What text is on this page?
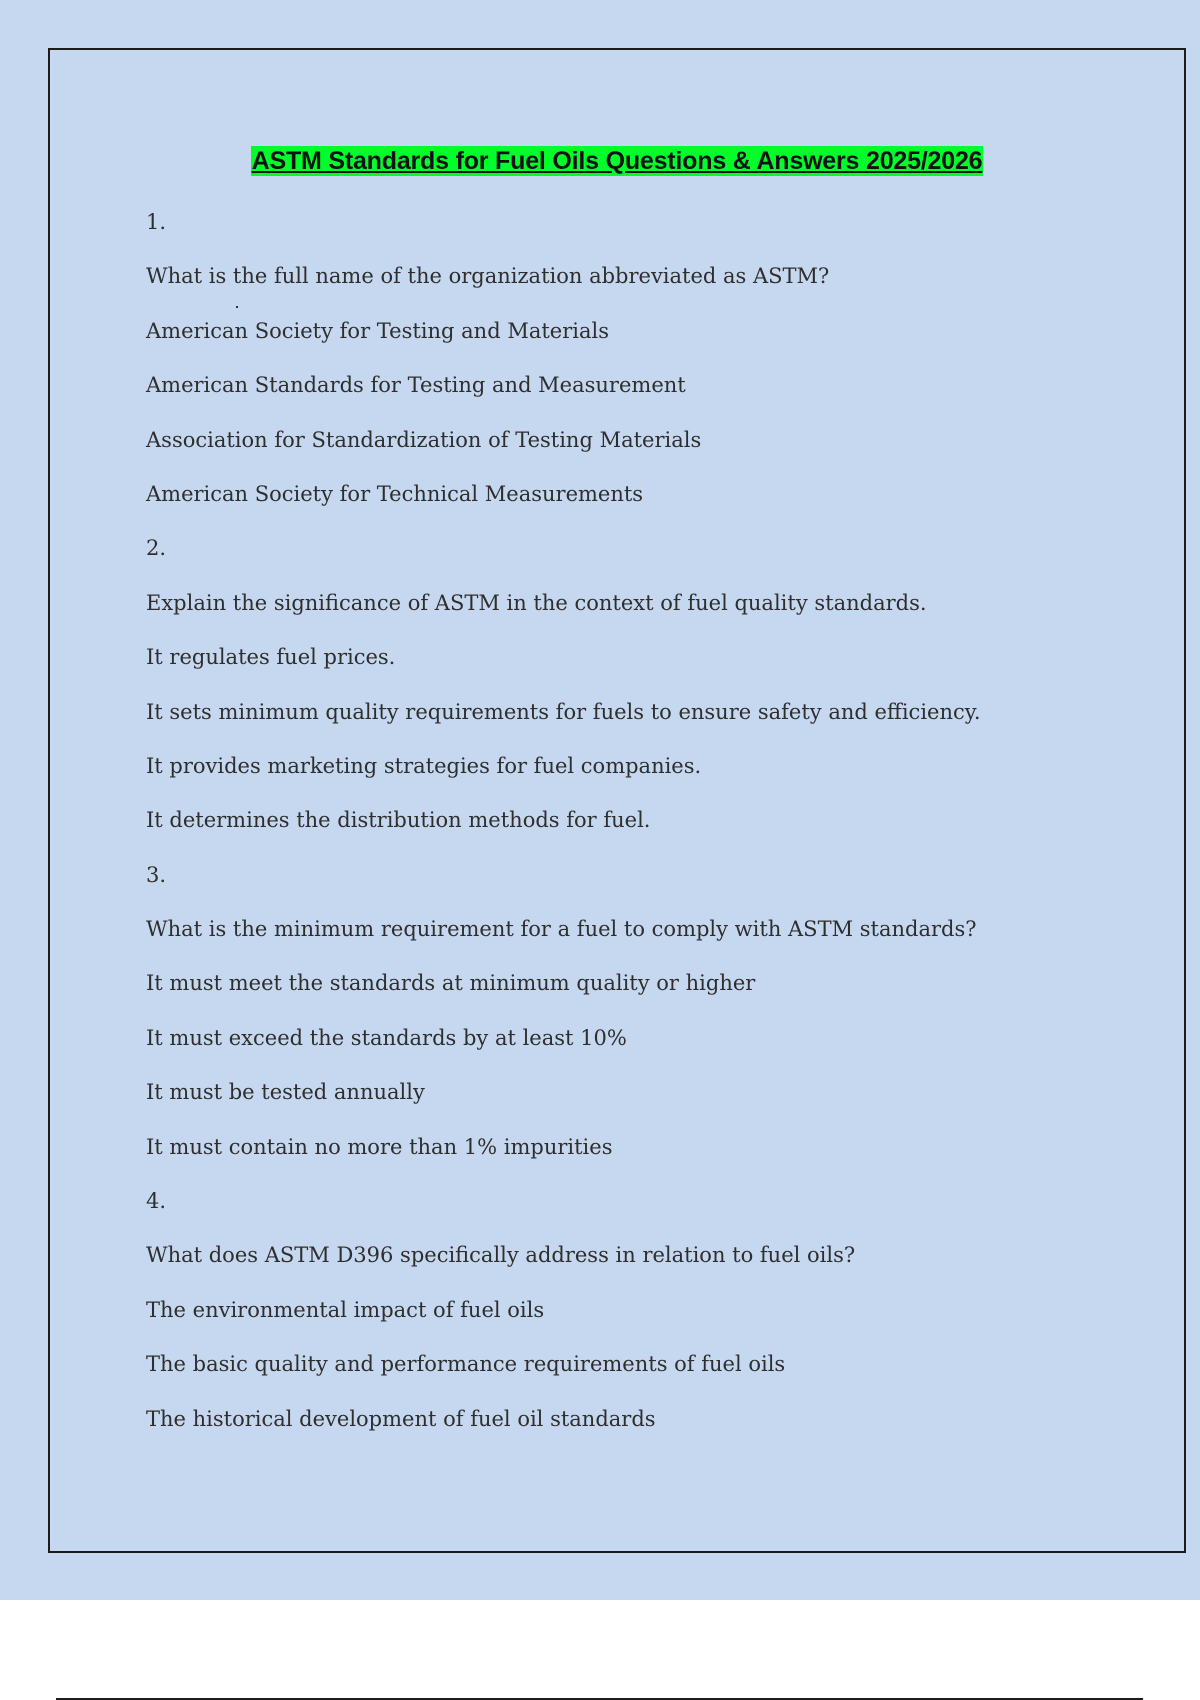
ASTM Standards for Fuel Oils Questions & Answers 2025/2026
1.
What is the full name of the organization abbreviated as ASTM?
American Society for Testing and Materials
American Standards for Testing and Measurement
Association for Standardization of Testing Materials
American Society for Technical Measurements
2.
Explain the significance of ASTM in the context of fuel quality standards.
It regulates fuel prices.
It sets minimum quality requirements for fuels to ensure safety and efficiency.
It provides marketing strategies for fuel companies.
It determines the distribution methods for fuel.
3.
What is the minimum requirement for a fuel to comply with ASTM standards?
It must meet the standards at minimum quality or higher
It must exceed the standards by at least 10%
It must be tested annually
It must contain no more than 1% impurities
4.
What does ASTM D396 specifically address in relation to fuel oils?
The environmental impact of fuel oils
The basic quality and performance requirements of fuel oils
The historical development of fuel oil standards
